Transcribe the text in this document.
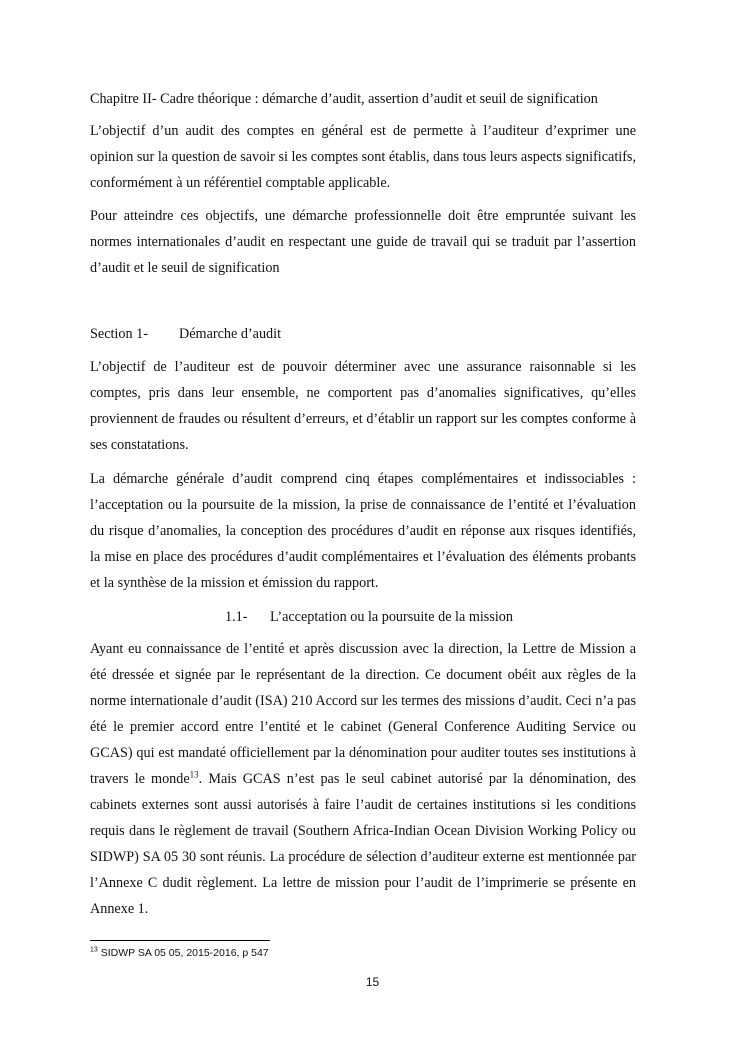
Chapitre II- Cadre théorique : démarche d’audit, assertion d’audit et seuil de signification

L’objectif d’un audit des comptes en général est de permette à l’auditeur d’exprimer une opinion sur la question de savoir si les comptes sont établis, dans tous leurs aspects significatifs, conformément à un référentiel comptable applicable.

Pour atteindre ces objectifs, une démarche professionnelle doit être empruntée suivant les normes internationales d’audit en respectant une guide de travail qui se traduit par l’assertion d’audit et le seuil de signification

L’objectif de l’auditeur est de pouvoir déterminer avec une assurance raisonnable si les comptes, pris dans leur ensemble, ne comportent pas d’anomalies significatives, qu’elles proviennent de fraudes ou résultent d’erreurs, et d’établir un rapport sur les comptes conforme à ses constatations.

La démarche générale d’audit comprend cinq étapes complémentaires et indissociables : l’acceptation ou la poursuite de la mission, la prise de connaissance de l’entité et l’évaluation du risque d’anomalies, la conception des procédures d’audit en réponse aux risques identifiés, la mise en place des procédures d’audit complémentaires et l’évaluation des éléments probants et la synthèse de la mission et émission du rapport.

Ayant eu connaissance de l’entité et après discussion avec la direction, la Lettre de Mission a été dressée et signée par le représentant de la direction. Ce document obéit aux règles de la norme internationale d’audit (ISA) 210 Accord sur les termes des missions d’audit. Ceci n’a pas été le premier accord entre l’entité et le cabinet (General Conference Auditing Service ou GCAS) qui est mandaté officiellement par la dénomination pour auditer toutes ses institutions à travers le monde$^{13}$. Mais GCAS n’est pas le seul cabinet autorisé par la dénomination, des cabinets externes sont aussi autorisés à faire l’audit de certaines institutions si les conditions requis dans le règlement de travail (Southern Africa-Indian Ocean Division Working Policy ou SIDWP) SA 05 30 sont réunis. La procédure de sélection d’auditeur externe est mentionnée par l’Annexe C dudit règlement. La lettre de mission pour l’audit de l’imprimerie se présente en Annexe 1.

Section 1- Démarche d’audit
1.1- L’acceptation ou la poursuite de la mission
$^{13}$ SIDWP SA 05 05, 2015-2016, p 547
15
